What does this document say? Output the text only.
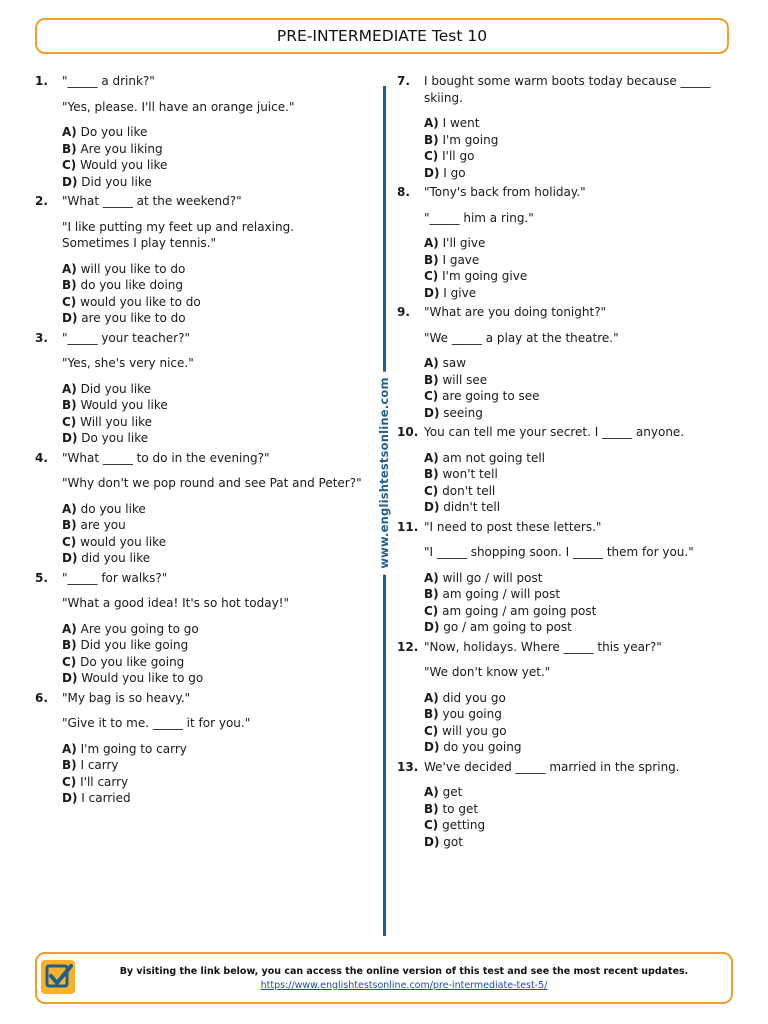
PRE-INTERMEDIATE Test 10
1.	"_____ a drink?"
"Yes, please. I'll have an orange juice."
A) Do you like
B) Are you liking
C) Would you like
D) Did you like
2.	"What _____ at the weekend?"
"I like putting my feet up and relaxing. Sometimes I play tennis."
A) will you like to do
B) do you like doing
C) would you like to do
D) are you like to do
3.	"_____ your teacher?"
"Yes, she's very nice."
A) Did you like
B) Would you like
C) Will you like
D) Do you like
4.	"What _____ to do in the evening?"
"Why don't we pop round and see Pat and Peter?"
A) do you like
B) are you
C) would you like
D) did you like
5.	"_____ for walks?"
"What a good idea! It's so hot today!"
A) Are you going to go
B) Did you like going
C) Do you like going
D) Would you like to go
6.	"My bag is so heavy."
"Give it to me. _____ it for you."
A) I'm going to carry
B) I carry
C) I'll carry
D) I carried
7.	I bought some warm boots today because _____ skiing.
A) I went
B) I'm going
C) I'll go
D) I go
8.	"Tony's back from holiday."
"_____ him a ring."
A) I'll give
B) I gave
C) I'm going give
D) I give
9.	"What are you doing tonight?"
"We _____ a play at the theatre."
A) saw
B) will see
C) are going to see
D) seeing
10. You can tell me your secret. I _____ anyone.
A) am not going tell
B) won't tell
C) don't tell
D) didn't tell
11. "I need to post these letters."
"I _____ shopping soon. I _____ them for you."
A) will go / will post
B) am going / will post
C) am going / am going post
D) go / am going to post
12. "Now, holidays. Where _____ this year?"
"We don't know yet."
A) did you go
B) you going
C) will you go
D) do you going
13. We've decided _____ married in the spring.
A) get
B) to get
C) getting
D) got
www.englishtestsonline.com
By visiting the link below, you can access the online version of this test and see the most recent updates.
https://www.englishtestsonline.com/pre-intermediate-test-5/
